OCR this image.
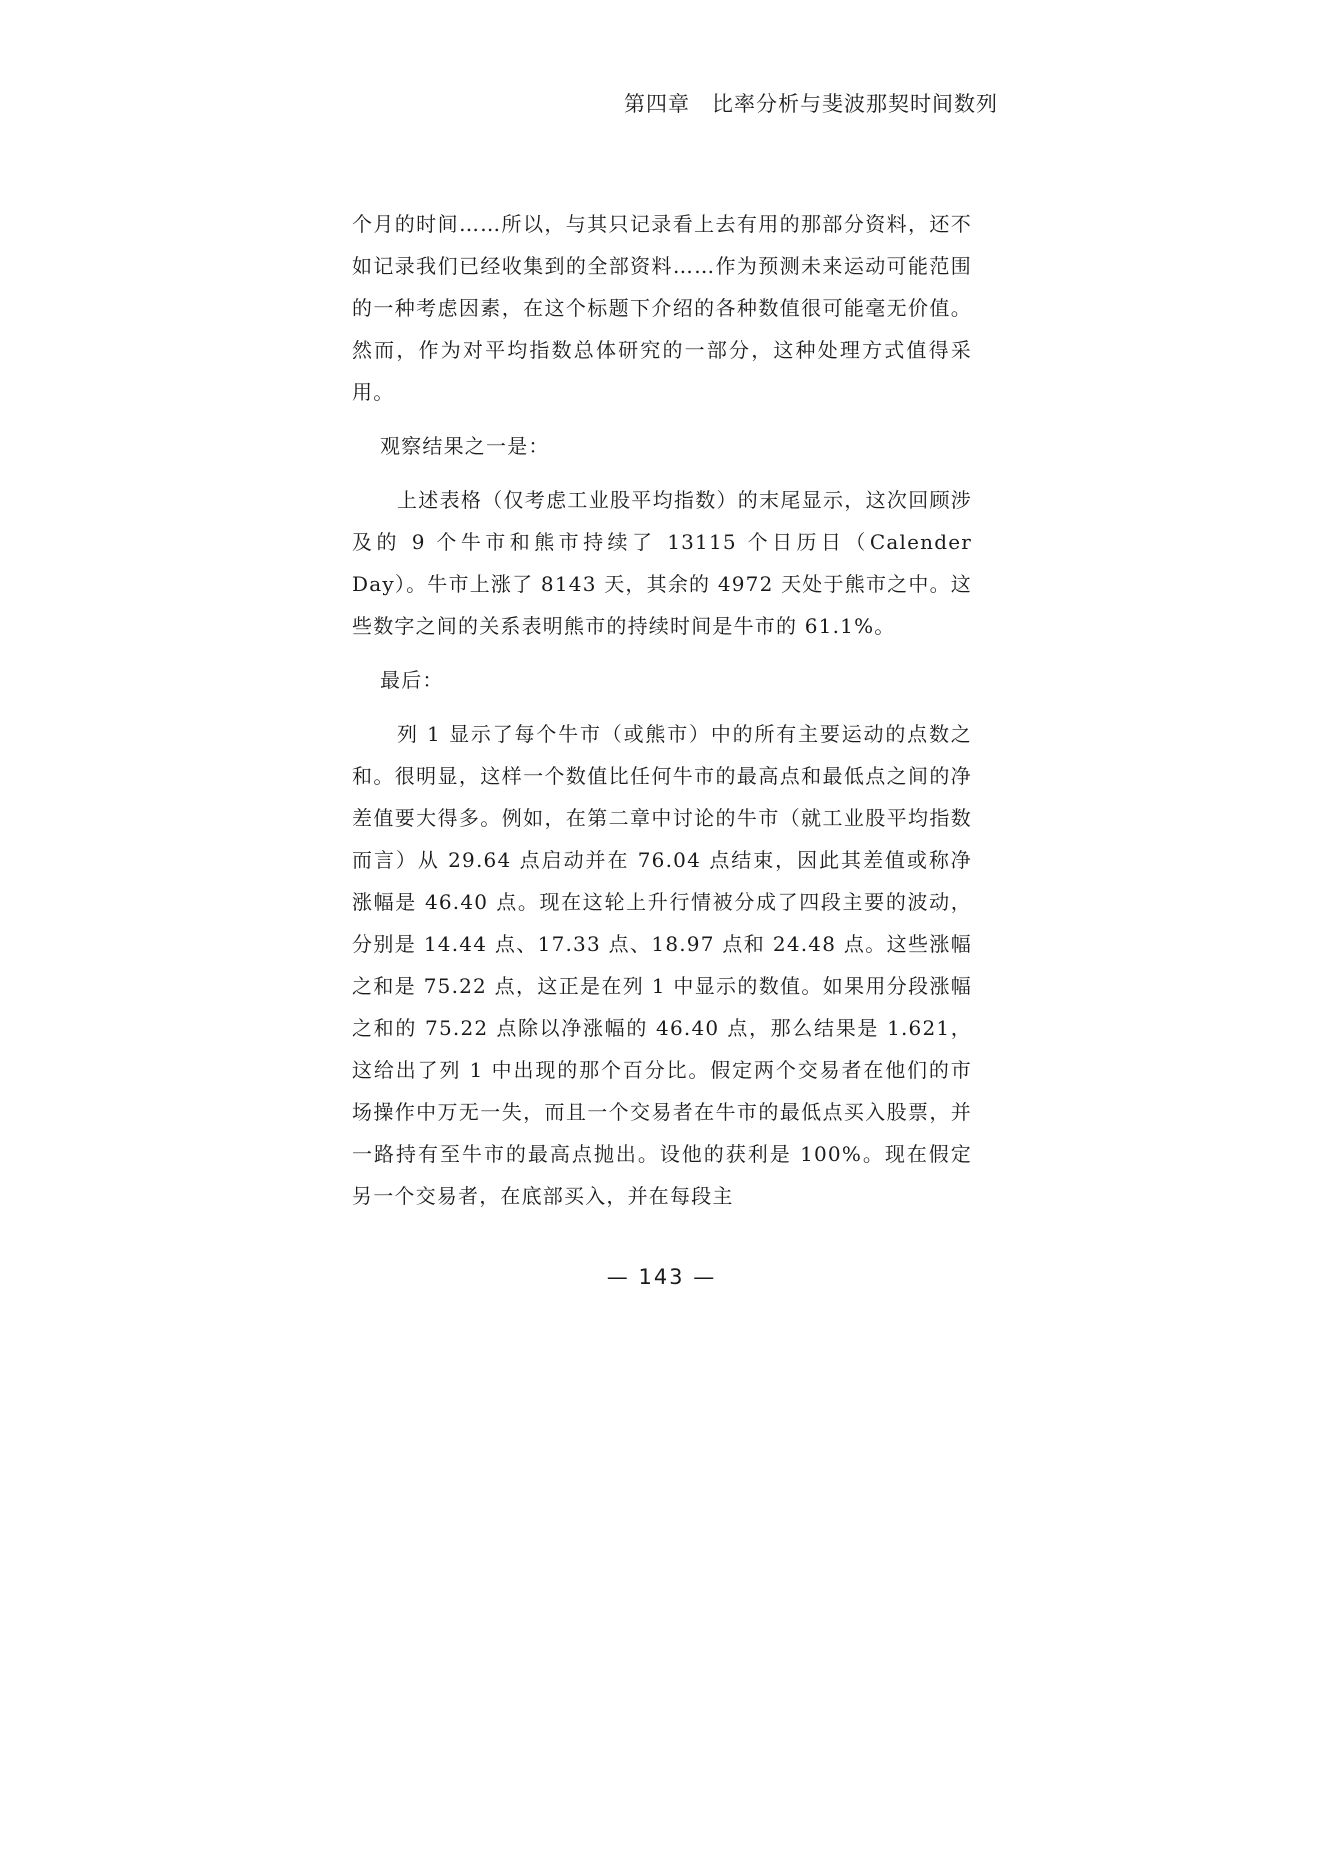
第四章　比率分析与斐波那契时间数列

个月的时间……所以，与其只记录看上去有用的那部分资料，还不如记录我们已经收集到的全部资料……作为预测未来运动可能范围的一种考虑因素，在这个标题下介绍的各种数值很可能毫无价值。然而，作为对平均指数总体研究的一部分，这种处理方式值得采用。

观察结果之一是：

上述表格（仅考虑工业股平均指数）的末尾显示，这次回顾涉及的 9 个牛市和熊市持续了 13115 个日历日（Calender Day）。牛市上涨了 8143 天，其余的 4972 天处于熊市之中。这些数字之间的关系表明熊市的持续时间是牛市的 61.1%。

最后：

列 1 显示了每个牛市（或熊市）中的所有主要运动的点数之和。很明显，这样一个数值比任何牛市的最高点和最低点之间的净差值要大得多。例如，在第二章中讨论的牛市（就工业股平均指数而言）从 29.64 点启动并在 76.04 点结束，因此其差值或称净涨幅是 46.40 点。现在这轮上升行情被分成了四段主要的波动，分别是 14.44 点、17.33 点、18.97 点和 24.48 点。这些涨幅之和是 75.22 点，这正是在列 1 中显示的数值。如果用分段涨幅之和的 75.22 点除以净涨幅的 46.40 点，那么结果是 1.621，这给出了列 1 中出现的那个百分比。假定两个交易者在他们的市场操作中万无一失，而且一个交易者在牛市的最低点买入股票，并一路持有至牛市的最高点抛出。设他的获利是 100%。现在假定另一个交易者，在底部买入，并在每段主

— 143 —
